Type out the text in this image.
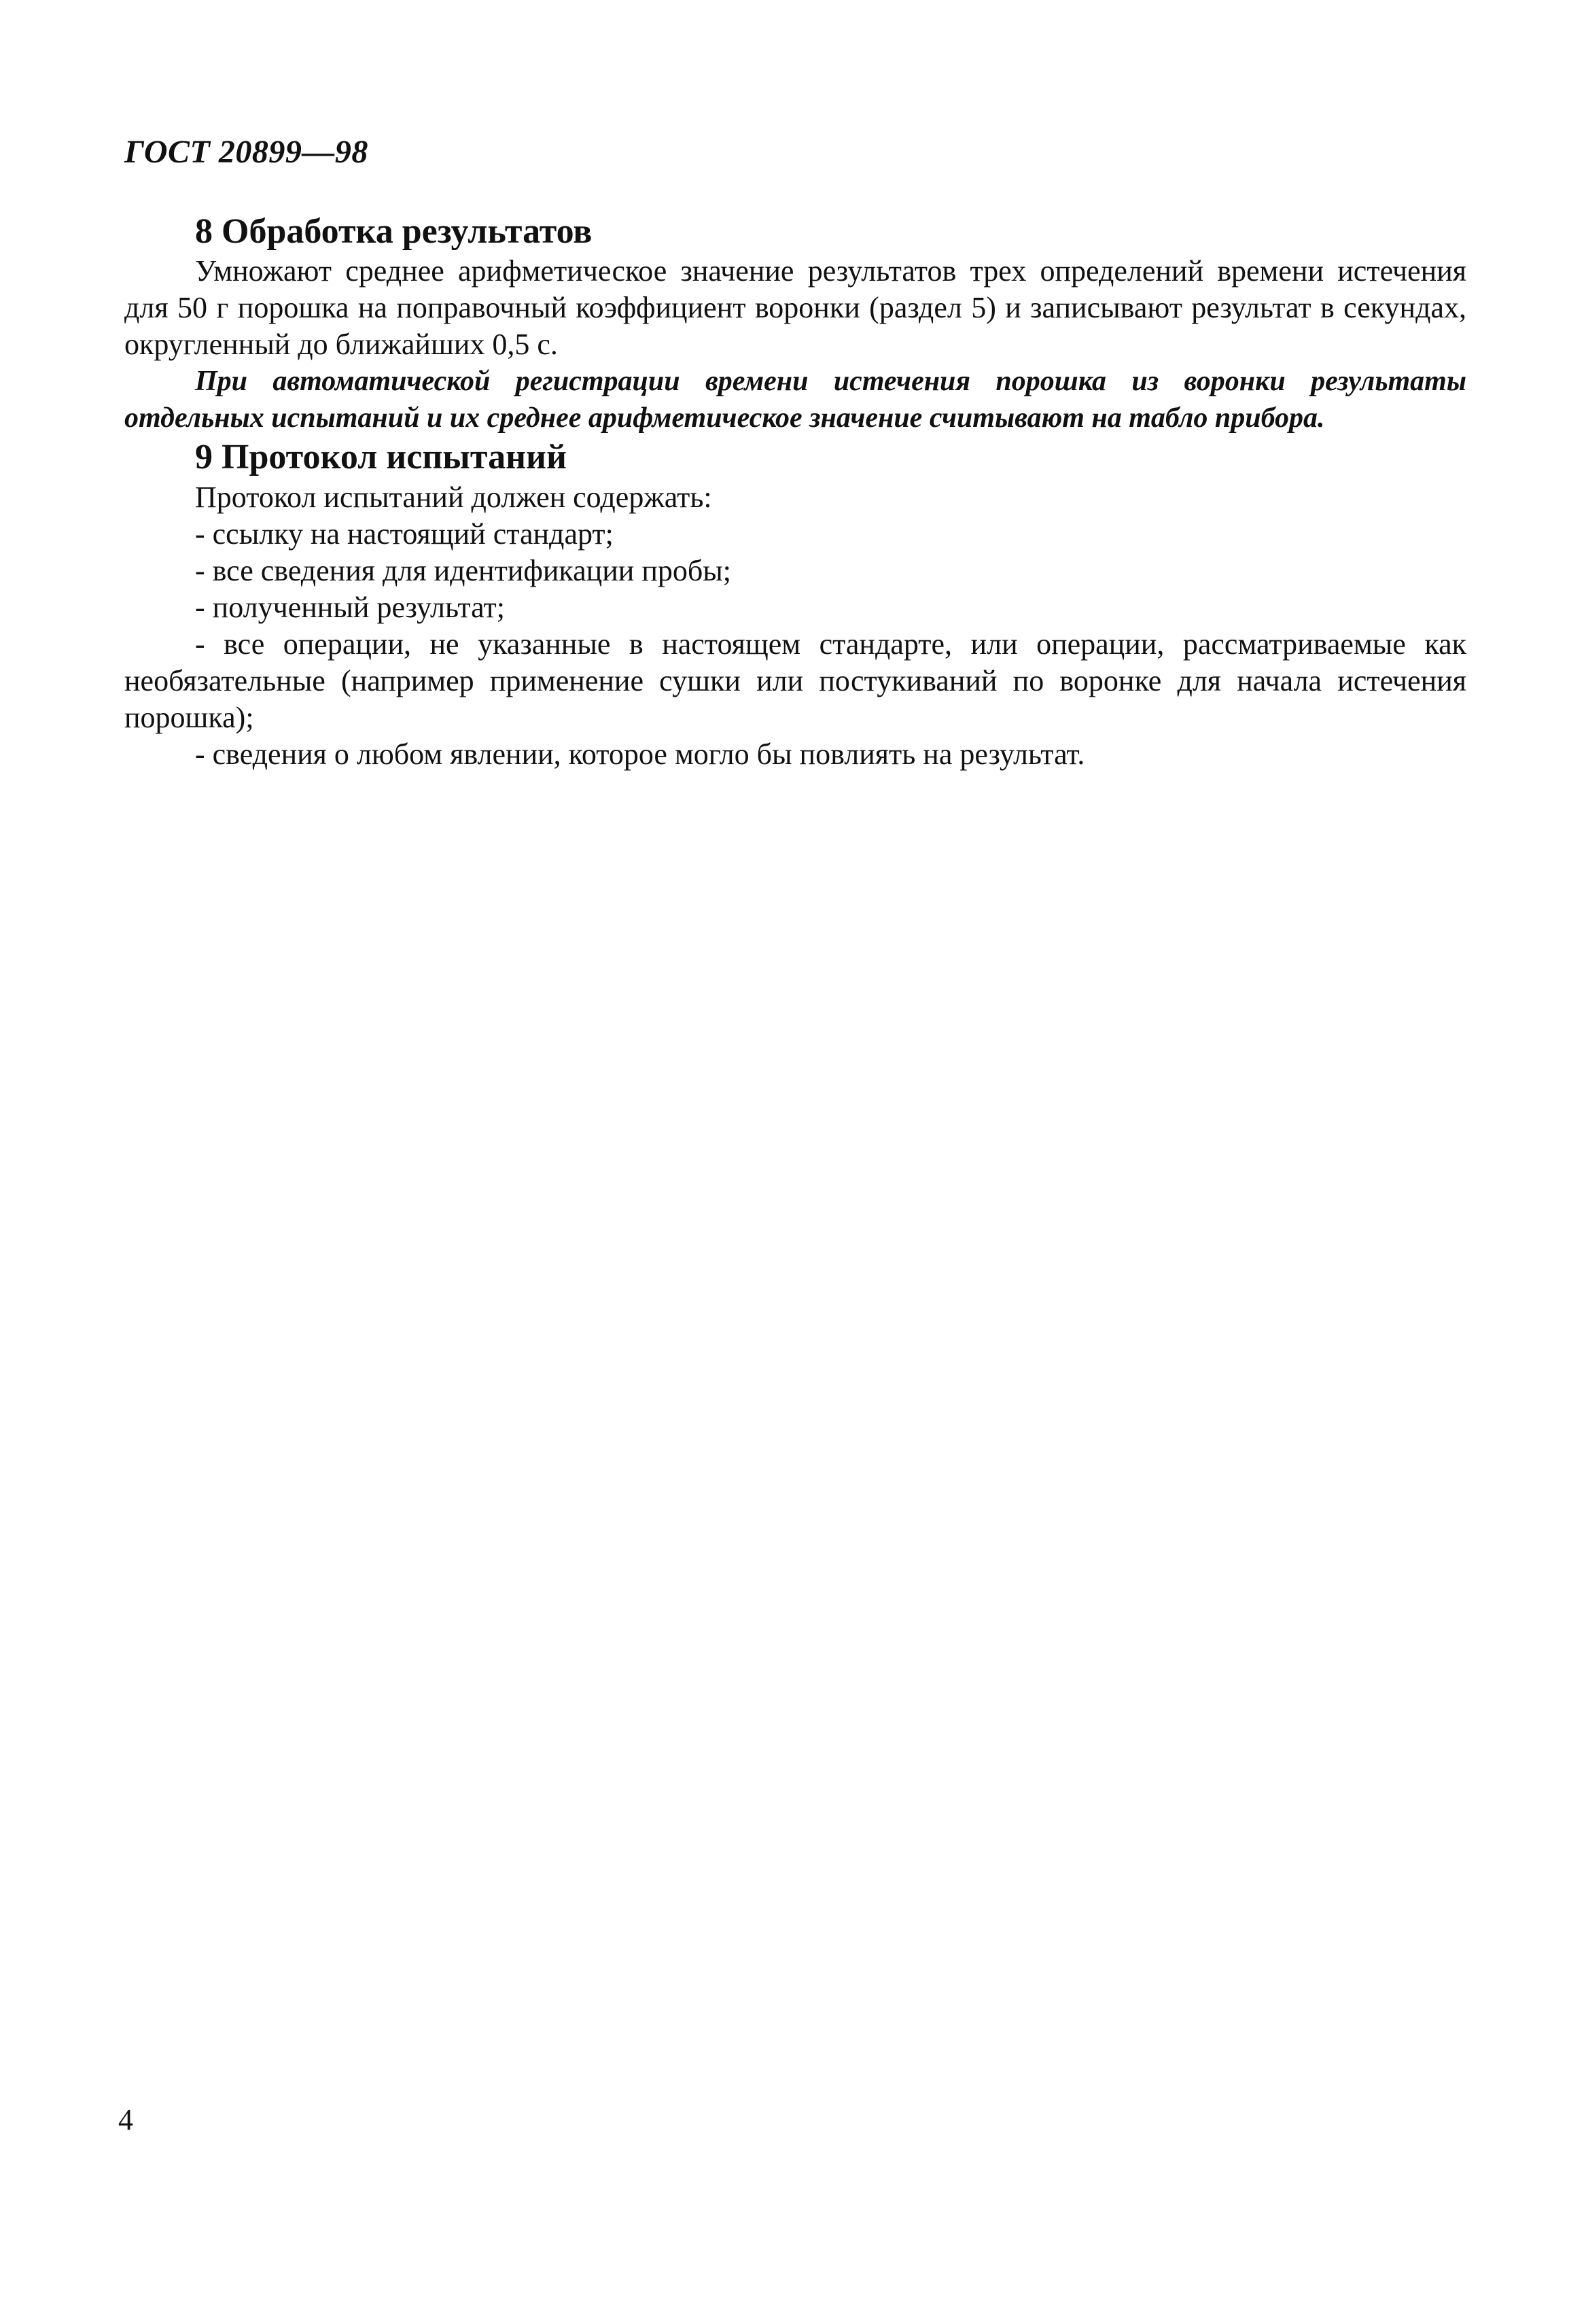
ГОСТ 20899—98
8 Обработка результатов

Умножают среднее арифметическое значение результатов трех определений времени истечения для 50 г порошка на поправочный коэффициент воронки (раздел 5) и записывают результат в секундах, округленный до ближайших 0,5 с.

При автоматической регистрации времени истечения порошка из воронки результаты отдельных испытаний и их среднее арифметическое значение считывают на табло прибора.

9 Протокол испытаний

Протокол испытаний должен содержать:

- ссылку на настоящий стандарт;

- все сведения для идентификации пробы;

- полученный результат;

- все операции, не указанные в настоящем стандарте, или операции, рассматриваемые как необязательные (например применение сушки или постукиваний по воронке для начала истечения порошка);

- сведения о любом явлении, которое могло бы повлиять на результат.

4
